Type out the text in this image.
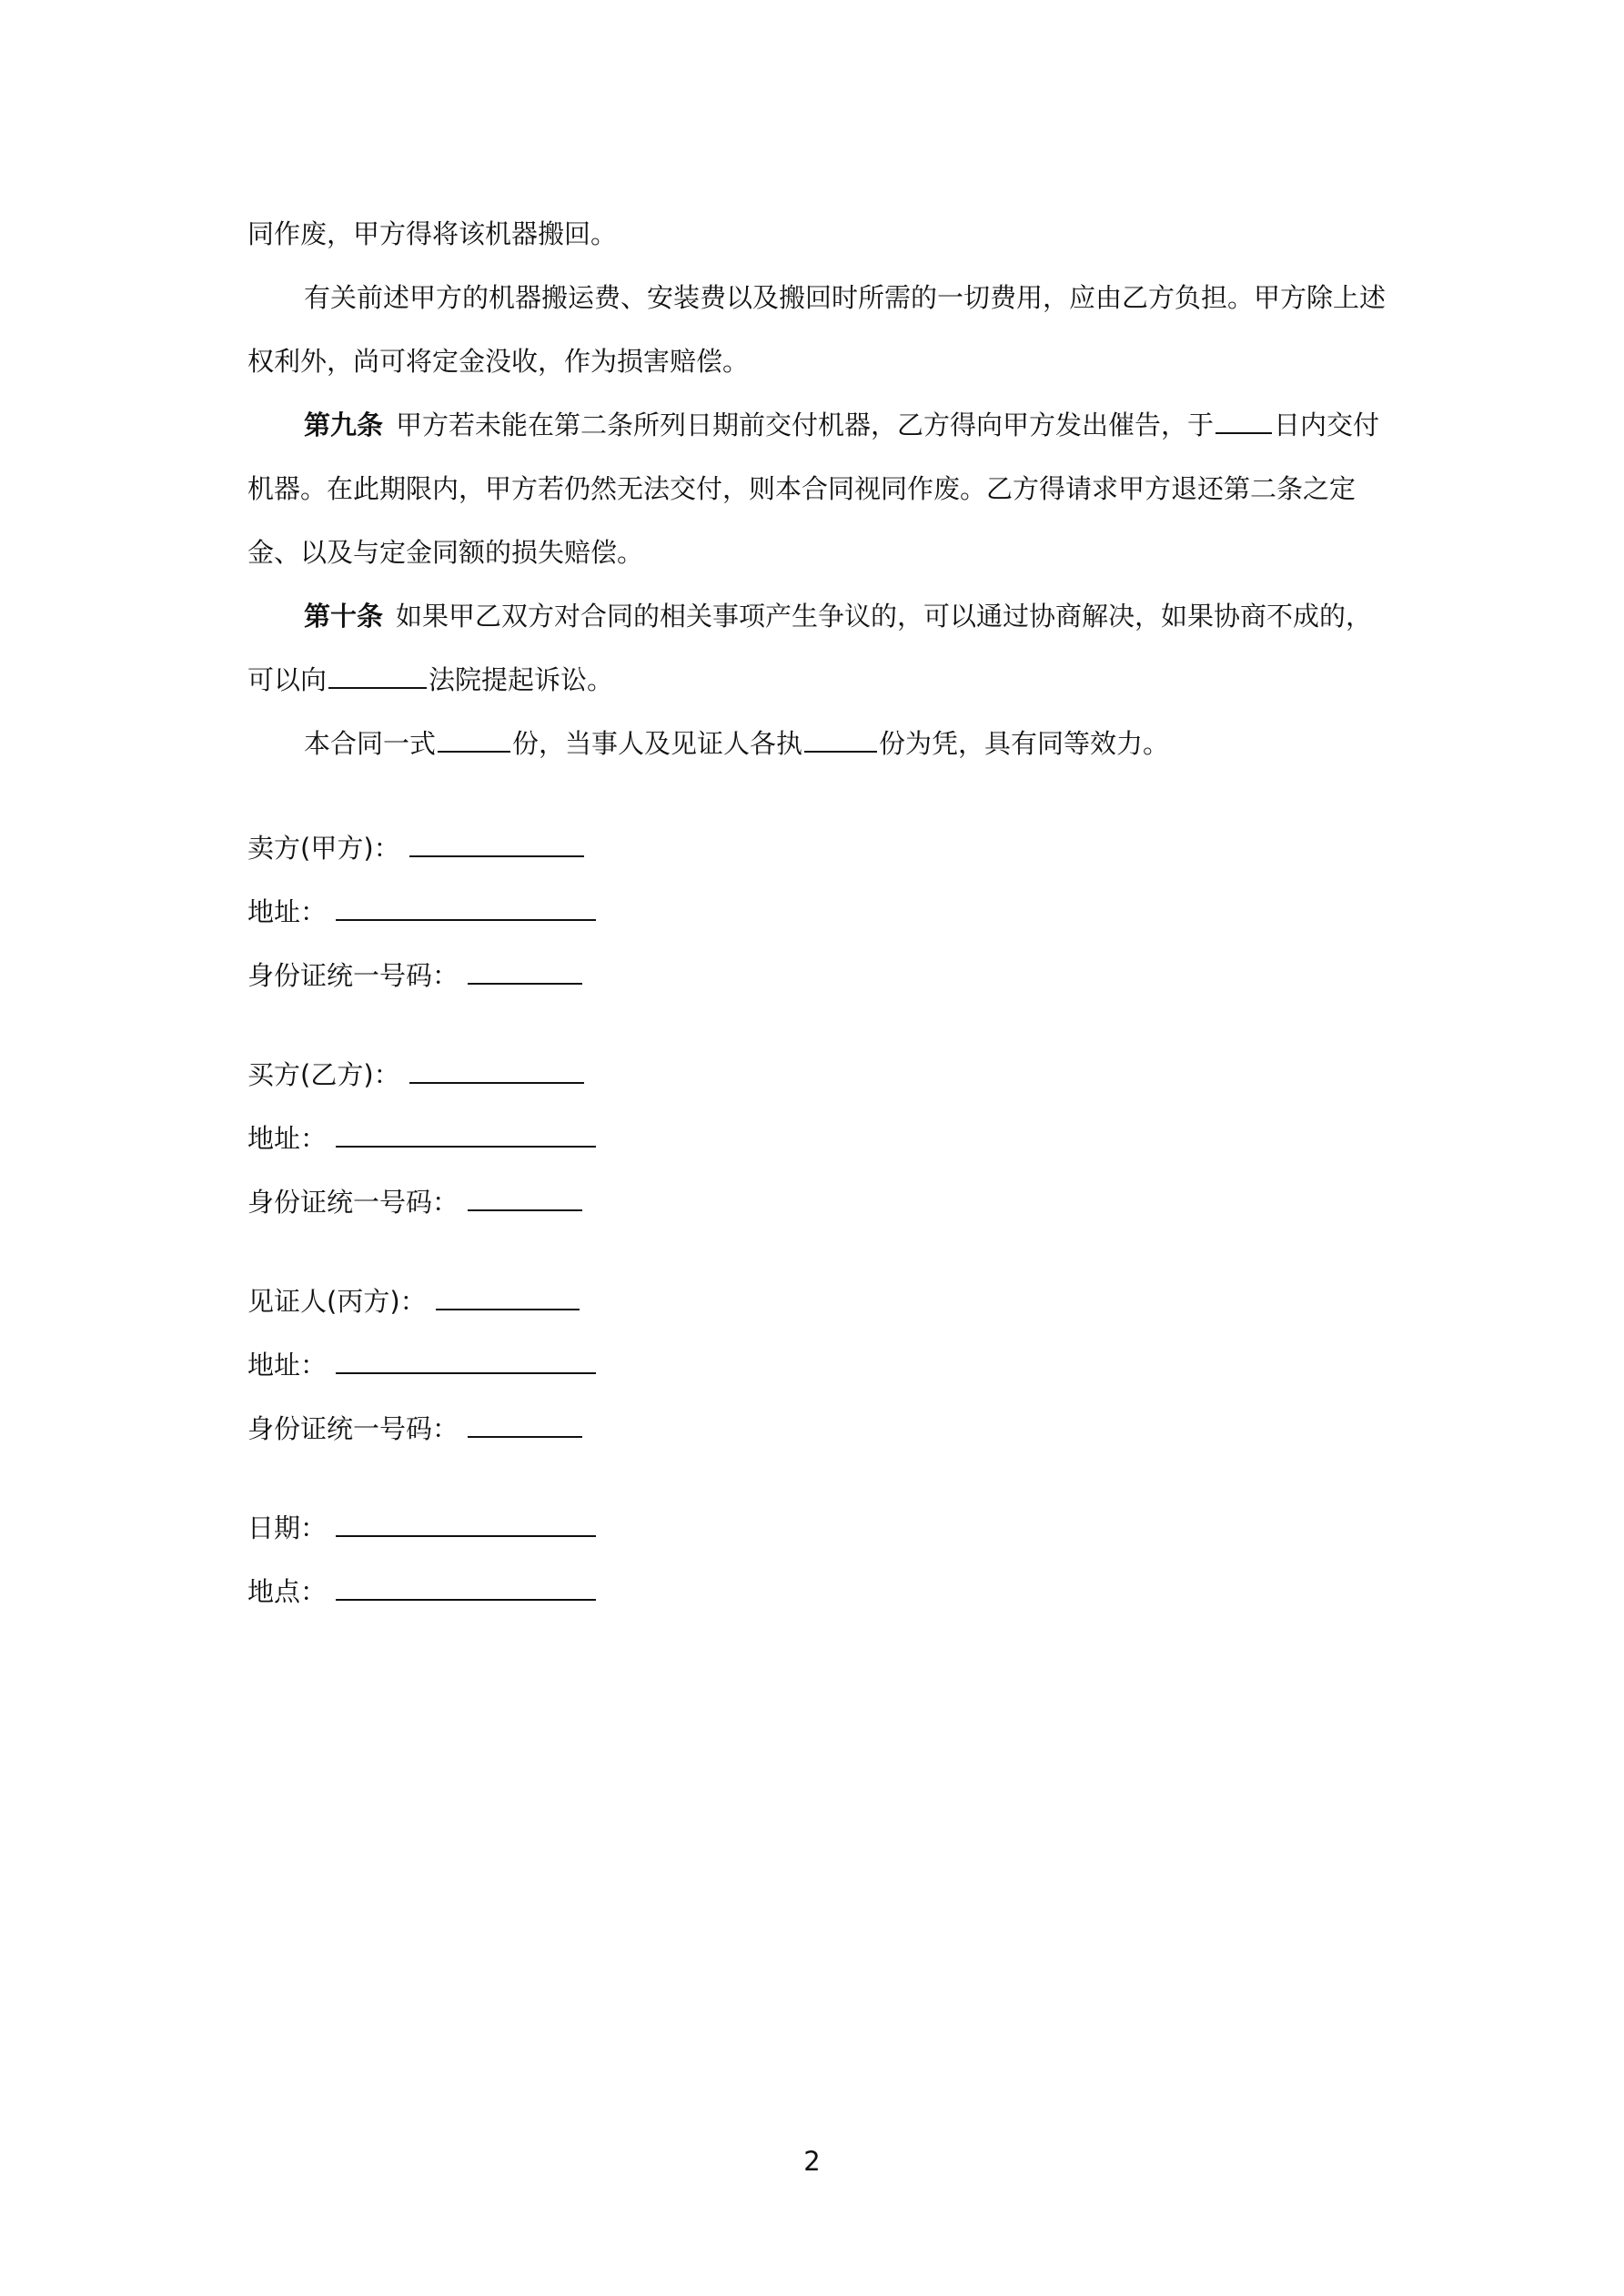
同作废，甲方得将该机器搬回。

有关前述甲方的机器搬运费、安装费以及搬回时所需的一切费用，应由乙方负担。甲方除上述权利外，尚可将定金没收，作为损害赔偿。

第九条 甲方若未能在第二条所列日期前交付机器，乙方得向甲方发出催告，于 日内交付机器。在此期限内，甲方若仍然无法交付，则本合同视同作废。乙方得请求甲方退还第二条之定金、以及与定金同额的损失赔偿。

第十条 如果甲乙双方对合同的相关事项产生争议的，可以通过协商解决，如果协商不成的，可以向	法院提起诉讼。

本合同一式	份，当事人及见证人各执	份为凭，具有同等效力。

卖方(甲方)：
地址：
身份证统一号码：
买方(乙方)：
地址：
身份证统一号码：
见证人(丙方)：
地址：
身份证统一号码：
日期：
地点：
2
